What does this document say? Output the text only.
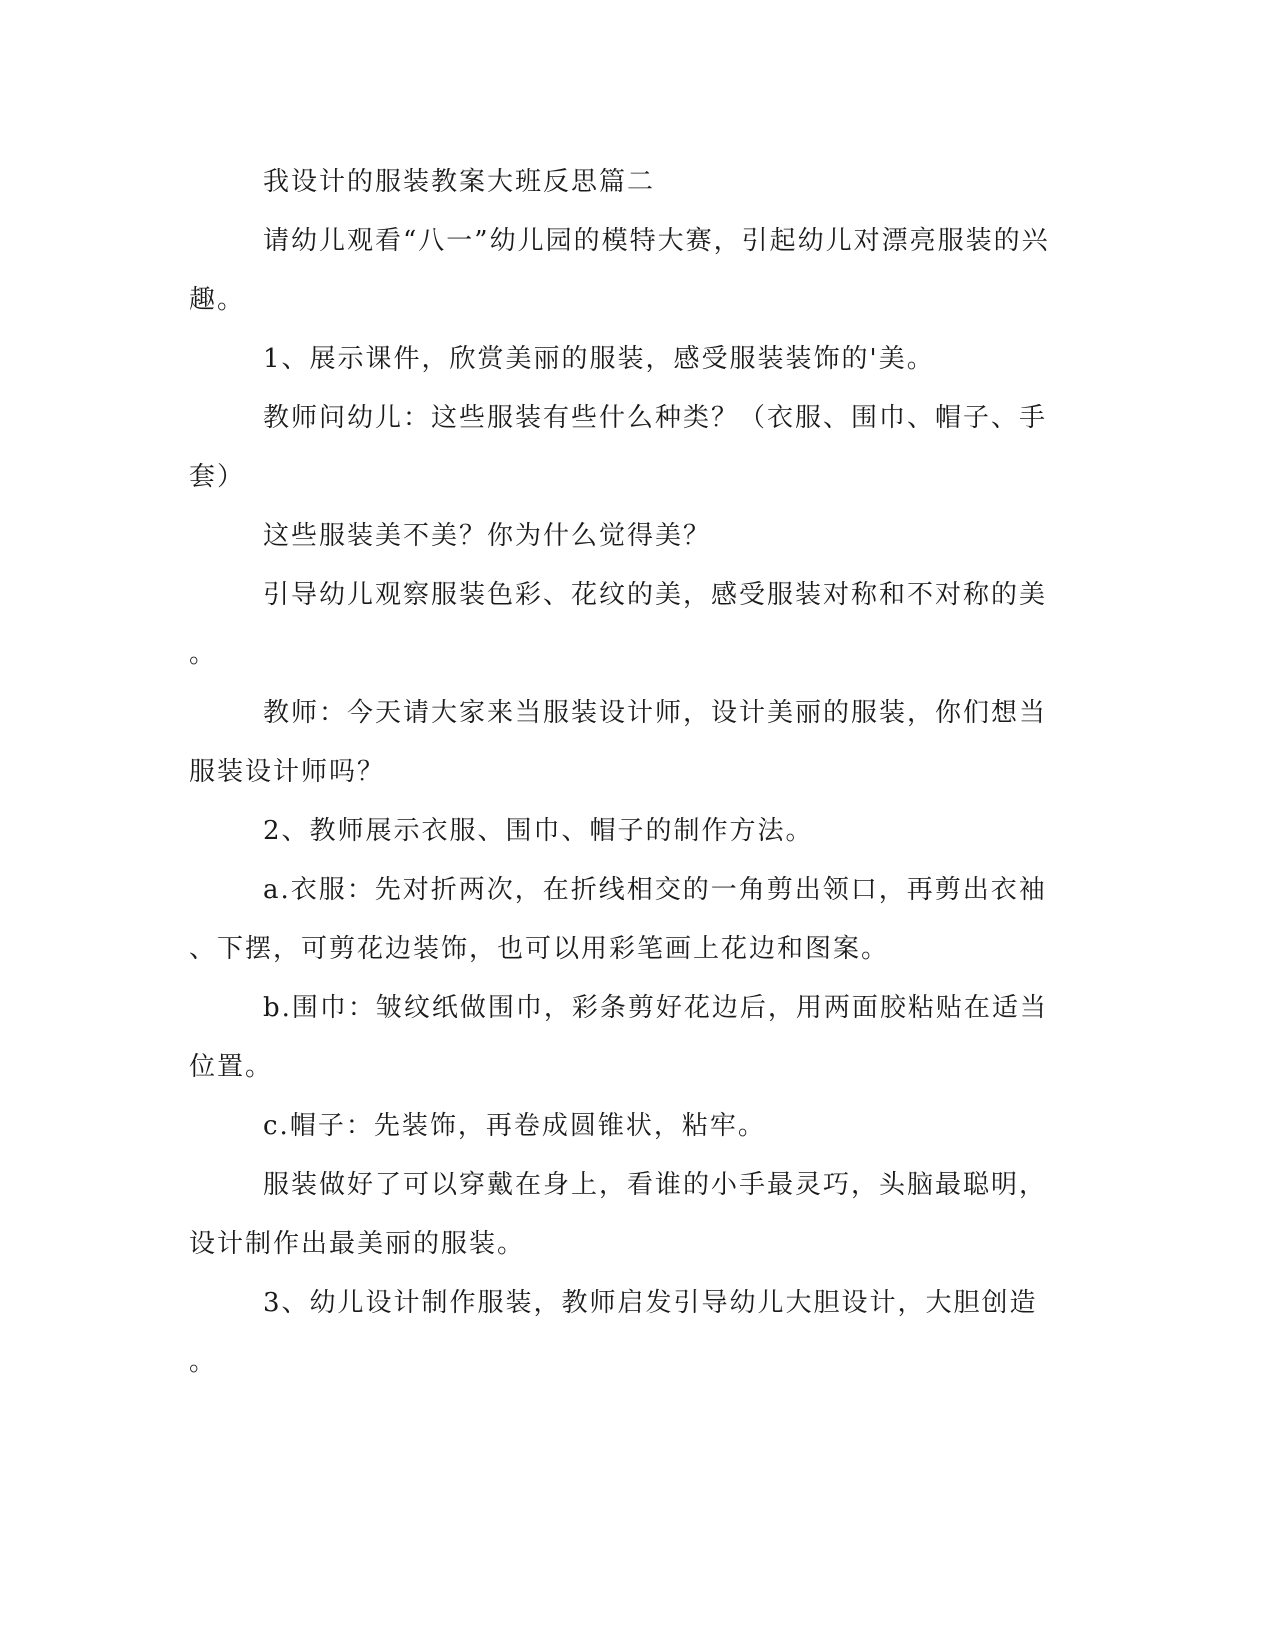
我设计的服装教案大班反思篇二
请幼儿观看“八一”幼儿园的模特大赛，引起幼儿对漂亮服装的兴
趣。
1、展示课件，欣赏美丽的服装，感受服装装饰的'美。
教师问幼儿：这些服装有些什么种类？（衣服、围巾、帽子、手
套）
这些服装美不美？你为什么觉得美？
引导幼儿观察服装色彩、花纹的美，感受服装对称和不对称的美
。
教师：今天请大家来当服装设计师，设计美丽的服装，你们想当
服装设计师吗？
2、教师展示衣服、围巾、帽子的制作方法。
a.衣服：先对折两次，在折线相交的一角剪出领口，再剪出衣袖
、下摆，可剪花边装饰，也可以用彩笔画上花边和图案。
b.围巾：皱纹纸做围巾，彩条剪好花边后，用两面胶粘贴在适当
位置。
c.帽子：先装饰，再卷成圆锥状，粘牢。
服装做好了可以穿戴在身上，看谁的小手最灵巧，头脑最聪明，
设计制作出最美丽的服装。
3、幼儿设计制作服装，教师启发引导幼儿大胆设计，大胆创造
。
